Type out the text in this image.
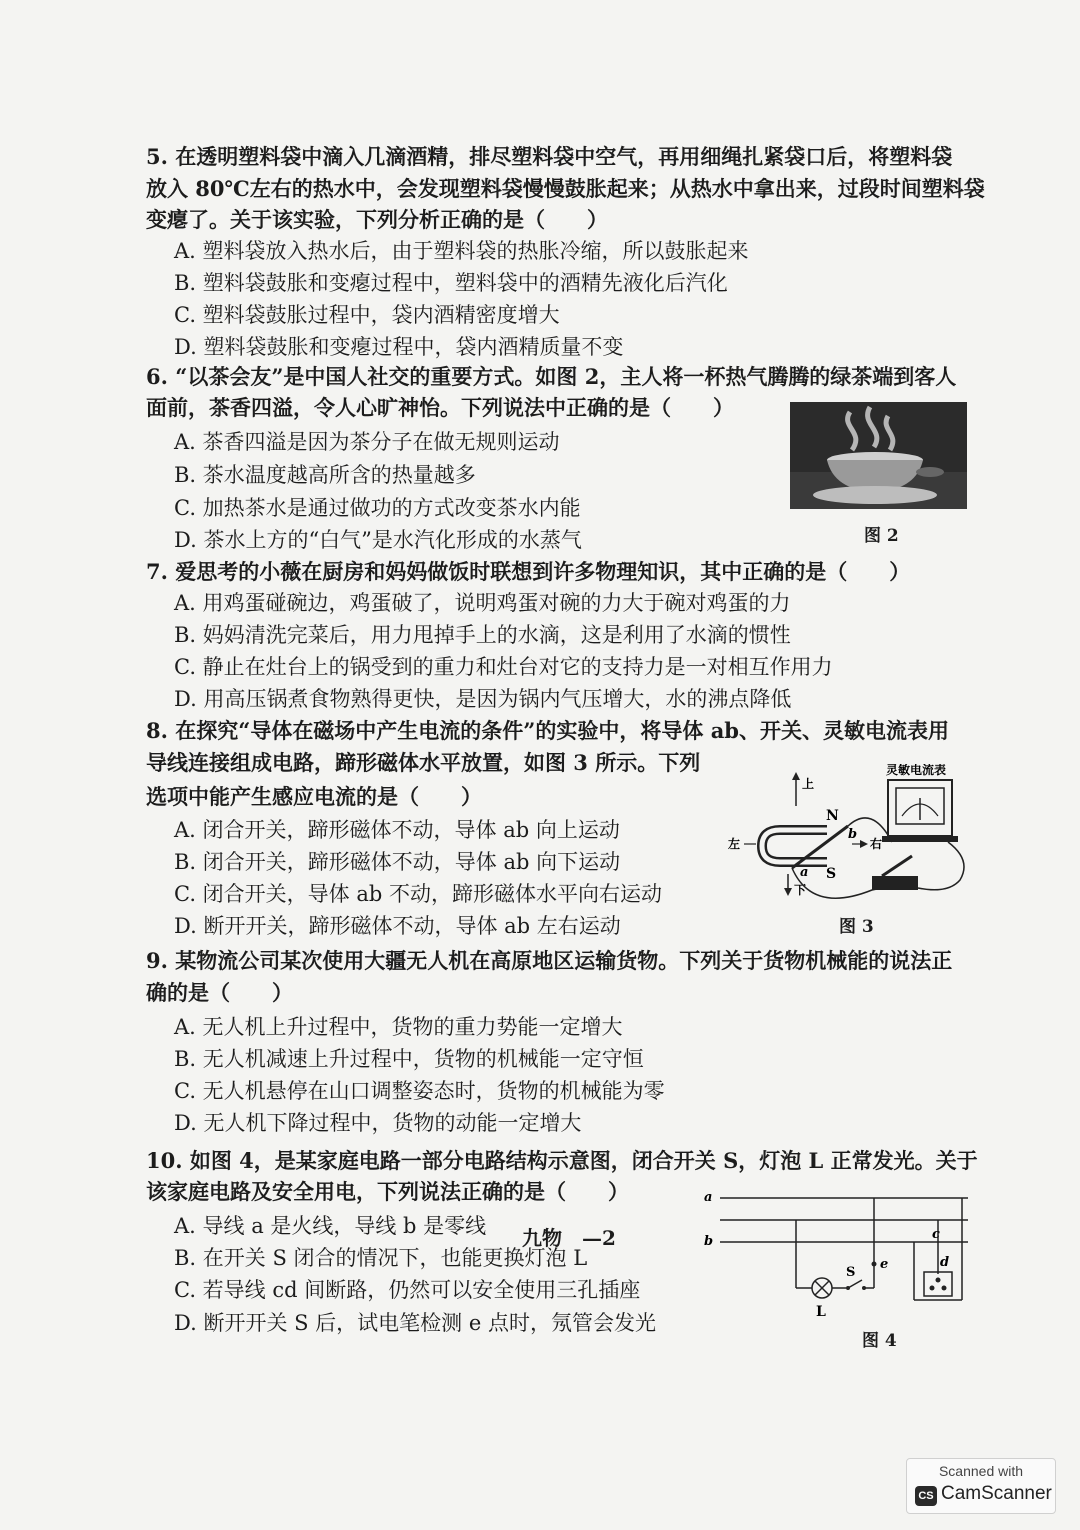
5. 在透明塑料袋中滴入几滴酒精，排尽塑料袋中空气，再用细绳扎紧袋口后，将塑料袋
放入 80℃左右的热水中，会发现塑料袋慢慢鼓胀起来；从热水中拿出来，过段时间塑料袋
变瘪了。关于该实验，下列分析正确的是（　　）
A. 塑料袋放入热水后，由于塑料袋的热胀冷缩，所以鼓胀起来
B. 塑料袋鼓胀和变瘪过程中，塑料袋中的酒精先液化后汽化
C. 塑料袋鼓胀过程中，袋内酒精密度增大
D. 塑料袋鼓胀和变瘪过程中，袋内酒精质量不变
6. “以茶会友”是中国人社交的重要方式。如图 2，主人将一杯热气腾腾的绿茶端到客人
面前，茶香四溢，令人心旷神怡。下列说法中正确的是（　　）
A. 茶香四溢是因为茶分子在做无规则运动
B. 茶水温度越高所含的热量越多
C. 加热茶水是通过做功的方式改变茶水内能
D. 茶水上方的“白气”是水汽化形成的水蒸气	图 2
7. 爱思考的小薇在厨房和妈妈做饭时联想到许多物理知识，其中正确的是（　　）
A. 用鸡蛋碰碗边，鸡蛋破了，说明鸡蛋对碗的力大于碗对鸡蛋的力
B. 妈妈清洗完菜后，用力甩掉手上的水滴，这是利用了水滴的惯性
C. 静止在灶台上的锅受到的重力和灶台对它的支持力是一对相互作用力
D. 用高压锅煮食物熟得更快，是因为锅内气压增大，水的沸点降低
8. 在探究“导体在磁场中产生电流的条件”的实验中，将导体 ab、开关、灵敏电流表用
导线连接组成电路，蹄形磁体水平放置，如图 3 所示。下列
选项中能产生感应电流的是（　　）
A. 闭合开关，蹄形磁体不动，导体 ab 向上运动
B. 闭合开关，蹄形磁体不动，导体 ab 向下运动
C. 闭合开关，导体 ab 不动，蹄形磁体水平向右运动
D. 断开开关，蹄形磁体不动，导体 ab 左右运动
灵敏电流表
N
S
a
b
上
下
左	右
图 3
9. 某物流公司某次使用大疆无人机在高原地区运输货物。下列关于货物机械能的说法正
确的是（　　）
A. 无人机上升过程中，货物的重力势能一定增大
B. 无人机减速上升过程中，货物的机械能一定守恒
C. 无人机悬停在山口调整姿态时，货物的机械能为零
D. 无人机下降过程中，货物的动能一定增大
10. 如图 4，是某家庭电路一部分电路结构示意图，闭合开关 S，灯泡 L 正常发光。关于
该家庭电路及安全用电，下列说法正确的是（　　）
A. 导线 a 是火线，导线 b 是零线
B. 在开关 S 闭合的情况下，也能更换灯泡 L
C. 若导线 cd 间断路，仍然可以安全使用三孔插座
D. 断开开关 S 后，试电笔检测 e 点时，氖管会发光
a
b
L
S
e
c
d
图 4
九物　—2
Scanned with
CS CamScanner
